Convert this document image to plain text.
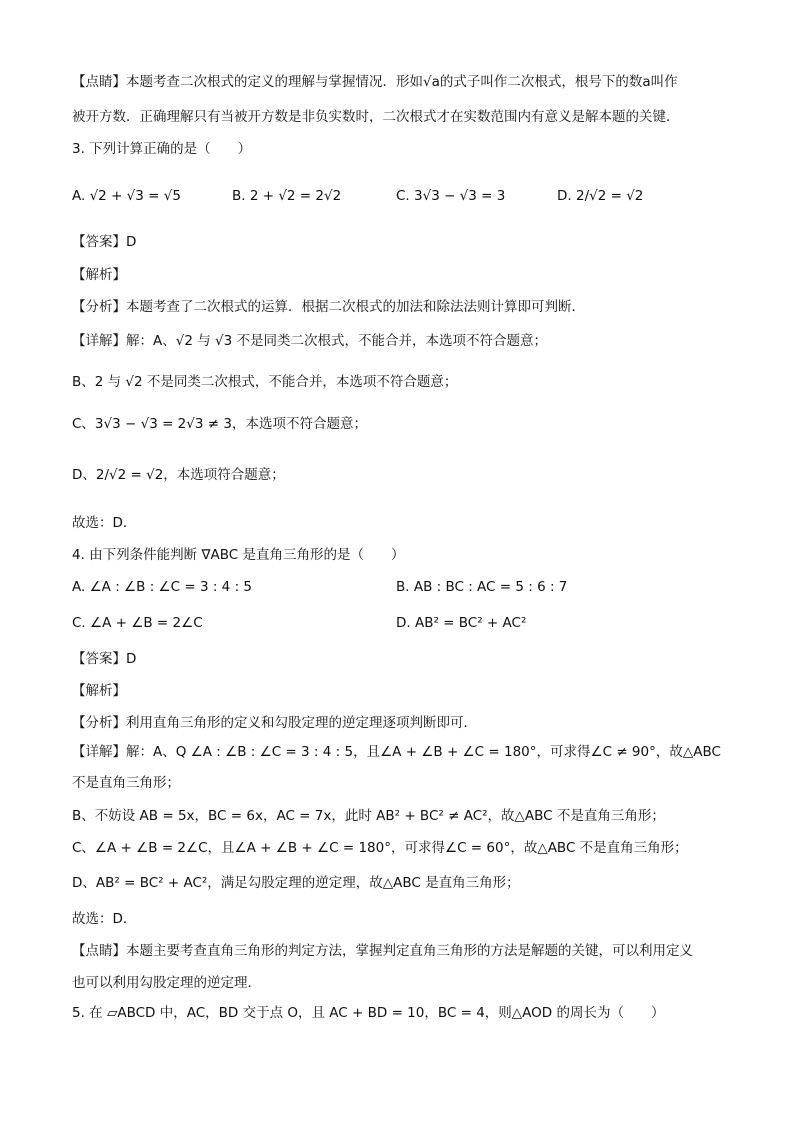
【点睛】本题考查二次根式的定义的理解与掌握情况．形如√a的式子叫作二次根式，根号下的数a叫作
被开方数．正确理解只有当被开方数是非负实数时，二次根式才在实数范围内有意义是解本题的关键．
3. 下列计算正确的是（　　）
A. √2 + √3 = √5	B. 2 + √2 = 2√2	C. 3√3 − √3 = 3	D. 2/√2 = √2
【答案】D
【解析】
【分析】本题考查了二次根式的运算．根据二次根式的加法和除法法则计算即可判断．
【详解】解：A、√2 与 √3 不是同类二次根式，不能合并，本选项不符合题意；
B、2 与 √2 不是同类二次根式，不能合并，本选项不符合题意；
C、3√3 − √3 = 2√3 ≠ 3，本选项不符合题意；
D、2/√2 = √2，本选项符合题意；
故选：D．
4. 由下列条件能判断 ∇ABC 是直角三角形的是（　　）
A. ∠A : ∠B : ∠C = 3 : 4 : 5	B. AB : BC : AC = 5 : 6 : 7
C. ∠A + ∠B = 2∠C	D. AB² = BC² + AC²
【答案】D
【解析】
【分析】利用直角三角形的定义和勾股定理的逆定理逐项判断即可．
【详解】解：A、Q ∠A : ∠B : ∠C = 3 : 4 : 5，且∠A + ∠B + ∠C = 180°，可求得∠C ≠ 90°，故△ABC
不是直角三角形；
B、不妨设 AB = 5x，BC = 6x，AC = 7x，此时 AB² + BC² ≠ AC²，故△ABC 不是直角三角形；
C、∠A + ∠B = 2∠C，且∠A + ∠B + ∠C = 180°，可求得∠C = 60°，故△ABC 不是直角三角形；
D、AB² = BC² + AC²，满足勾股定理的逆定理，故△ABC 是直角三角形；
故选：D．
【点睛】本题主要考查直角三角形的判定方法，掌握判定直角三角形的方法是解题的关键，可以利用定义
也可以利用勾股定理的逆定理．
5. 在 ▱ABCD 中，AC，BD 交于点 O，且 AC + BD = 10，BC = 4，则△AOD 的周长为（　　）
